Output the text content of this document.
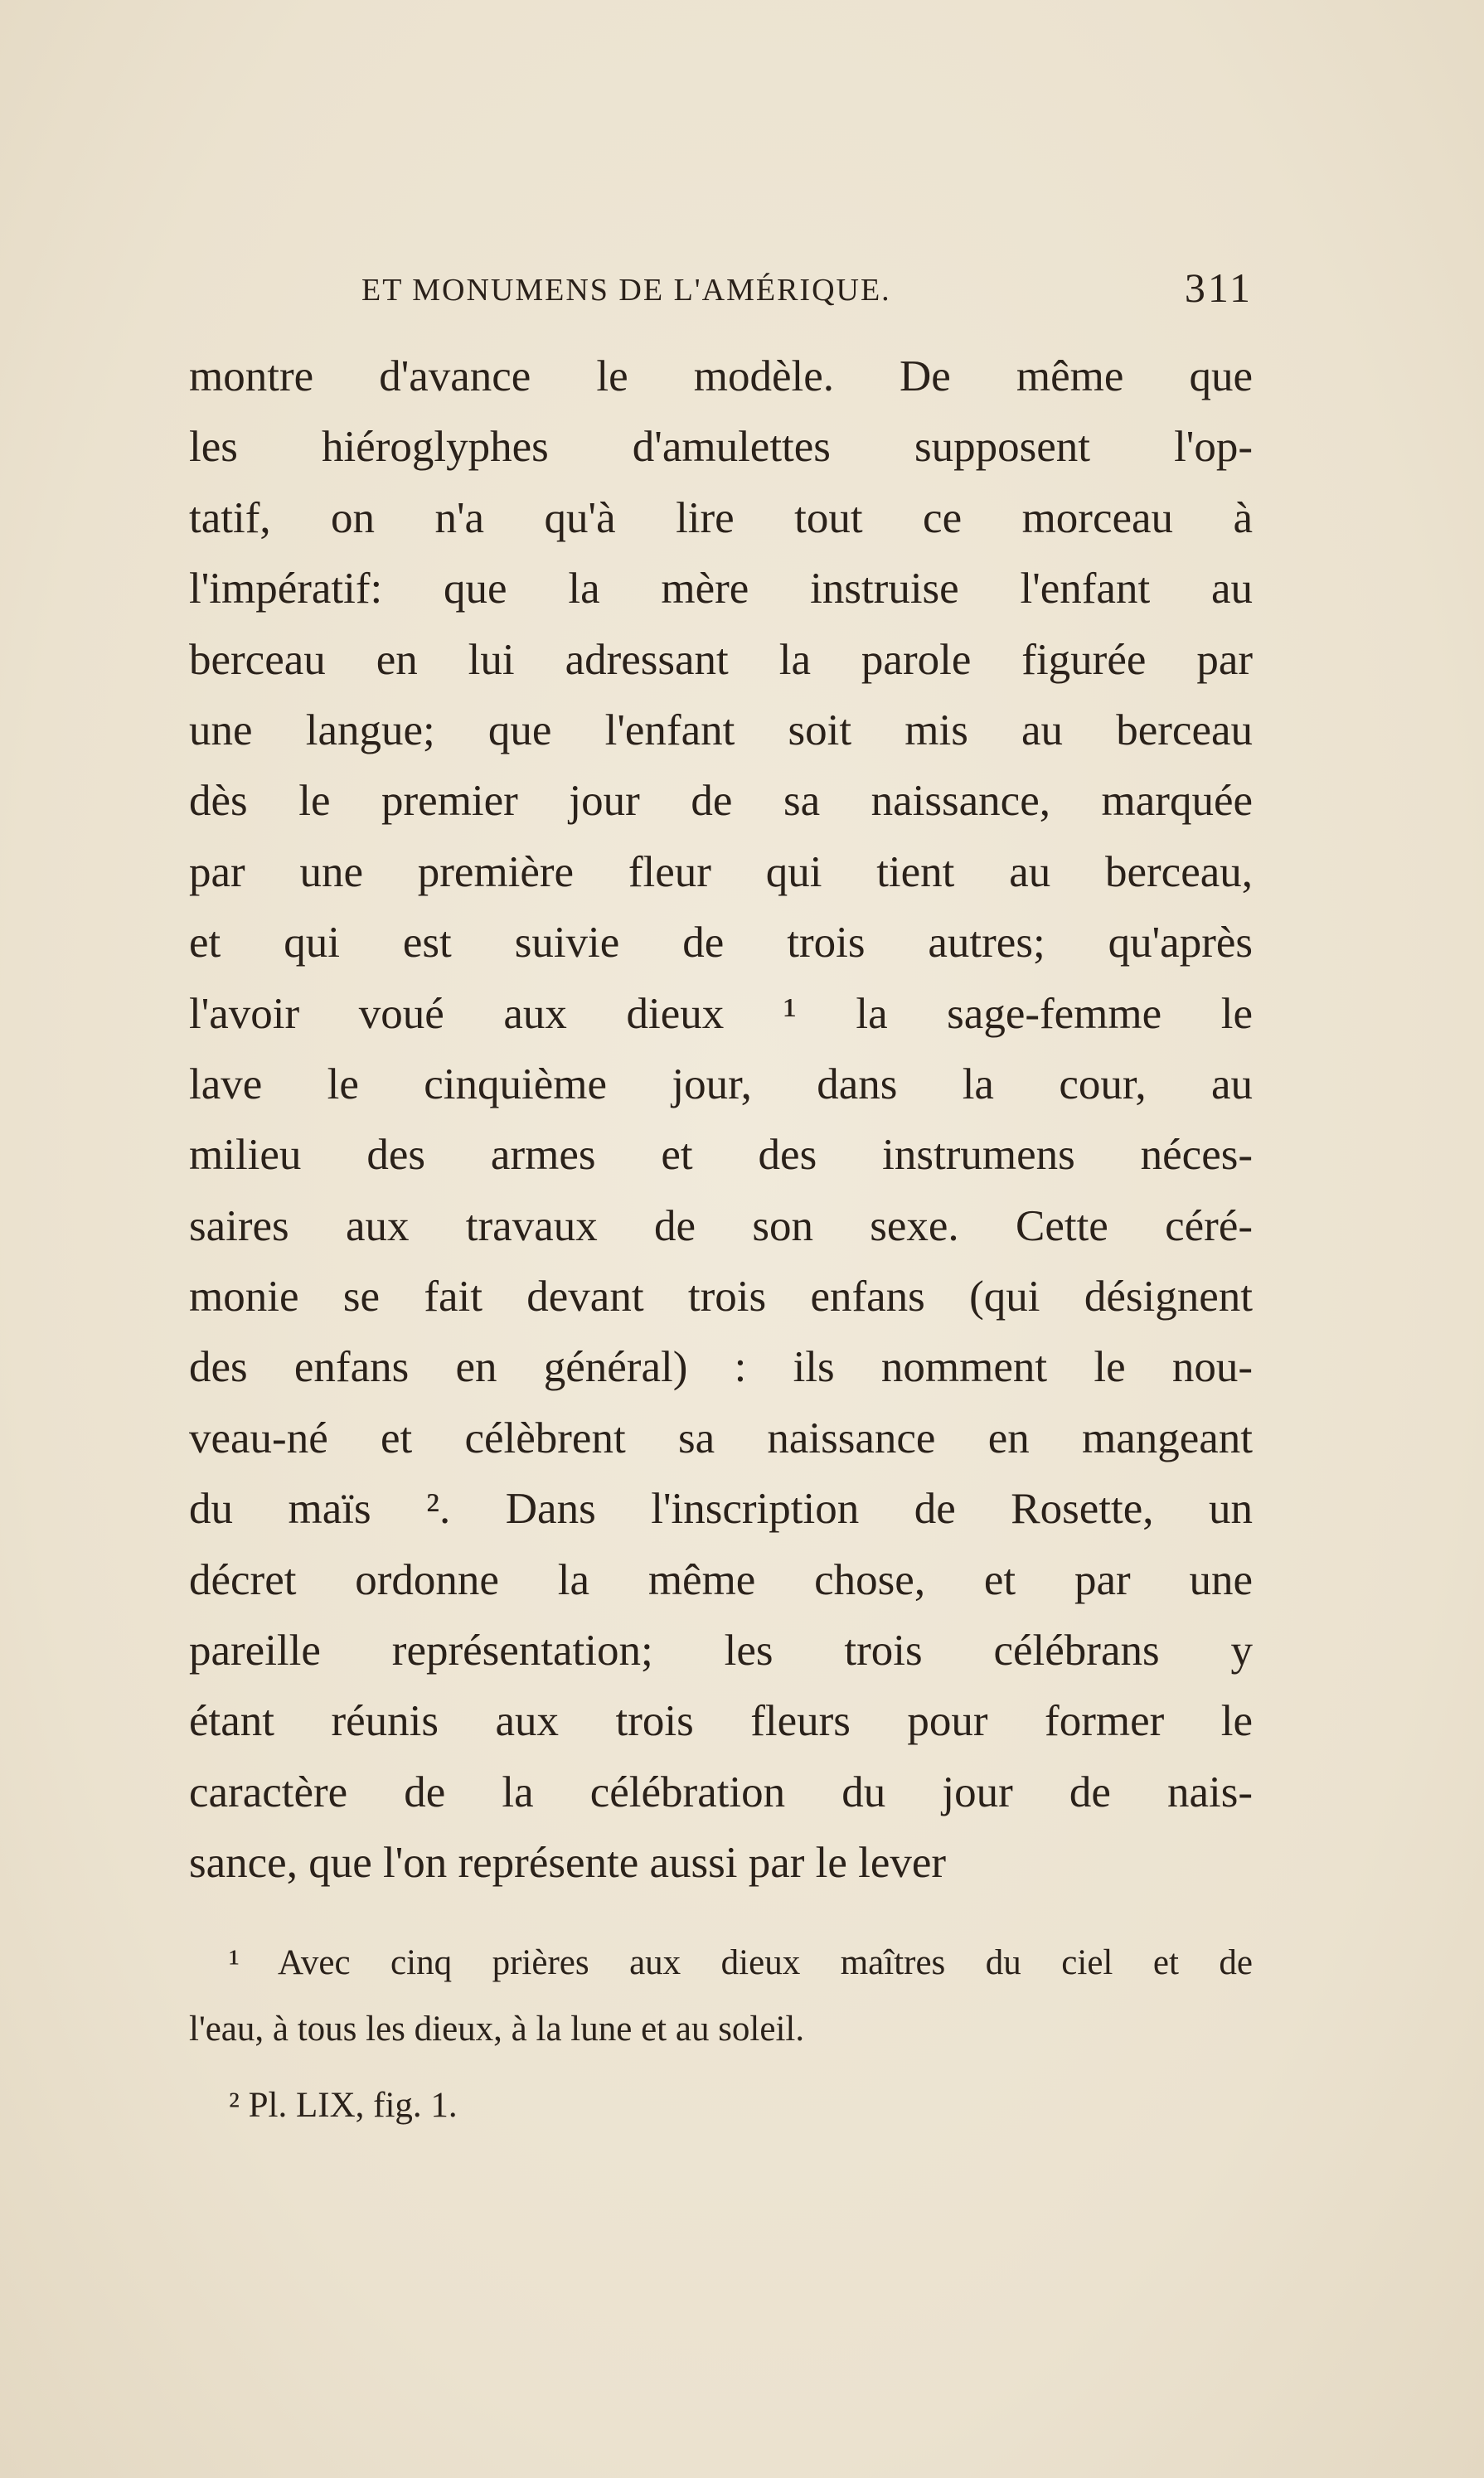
ET MONUMENS DE L'AMÉRIQUE.	311
montre d'avance le modèle. De même que
les hiéroglyphes d'amulettes supposent l'op-
tatif, on n'a qu'à lire tout ce morceau à
l'impératif: que la mère instruise l'enfant au
berceau en lui adressant la parole figurée par
une langue; que l'enfant soit mis au berceau
dès le premier jour de sa naissance, marquée
par une première fleur qui tient au berceau,
et qui est suivie de trois autres; qu'après
l'avoir voué aux dieux ¹ la sage-femme le
lave le cinquième jour, dans la cour, au
milieu des armes et des instrumens néces-
saires aux travaux de son sexe. Cette céré-
monie se fait devant trois enfans (qui désignent
des enfans en général) : ils nomment le nou-
veau-né et célèbrent sa naissance en mangeant
du maïs ². Dans l'inscription de Rosette, un
décret ordonne la même chose, et par une
pareille représentation; les trois célébrans y
étant réunis aux trois fleurs pour former le
caractère de la célébration du jour de nais-
sance, que l'on représente aussi par le lever
¹ Avec cinq prières aux dieux maîtres du ciel et de
l'eau, à tous les dieux, à la lune et au soleil.
² Pl. LIX, fig. 1.
